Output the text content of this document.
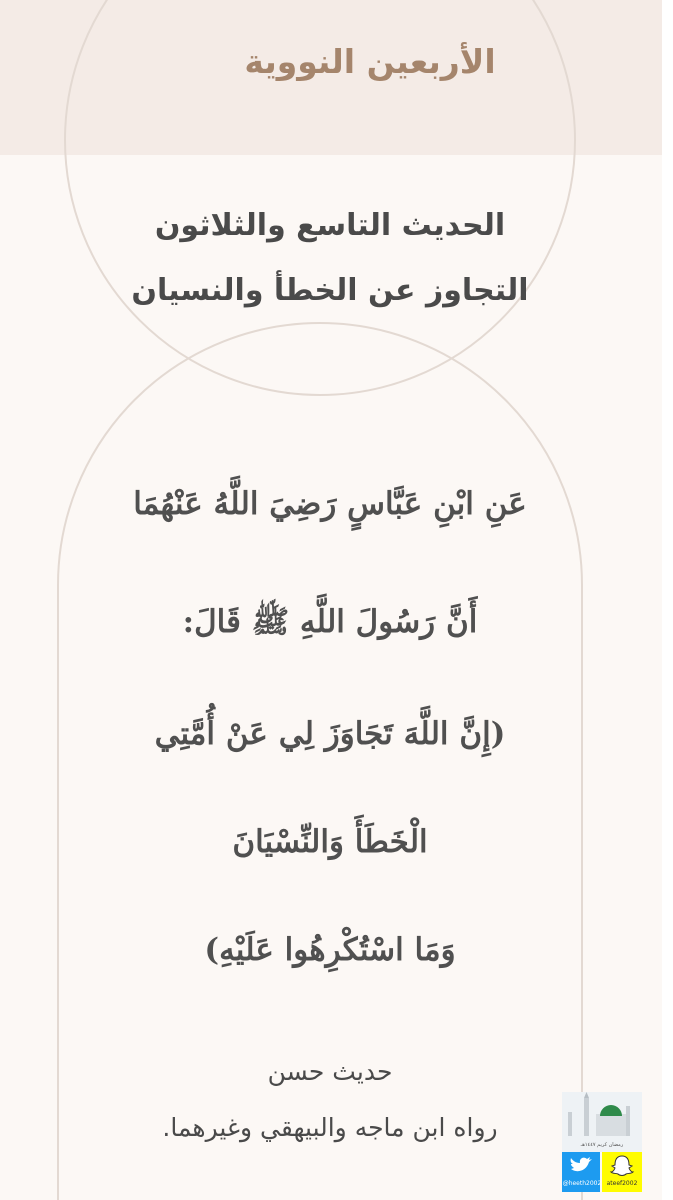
الأربعين النووية
الحديث التاسع والثلاثون
التجاوز عن الخطأ والنسيان
عَنِ ابْنِ عَبَّاسٍ رَضِيَ اللَّهُ عَنْهُمَا
أَنَّ رَسُولَ اللَّهِ ﷺ قَالَ:
(إِنَّ اللَّهَ تَجَاوَزَ لِي عَنْ أُمَّتِي
الْخَطَأَ وَالنِّسْيَانَ
وَمَا اسْتُكْرِهُوا عَلَيْهِ)
حديث حسن
رواه ابن ماجه والبيهقي وغيرهما.
رمضان كريم ١٤٤٧هـ
@heeth2002 ateef2002
